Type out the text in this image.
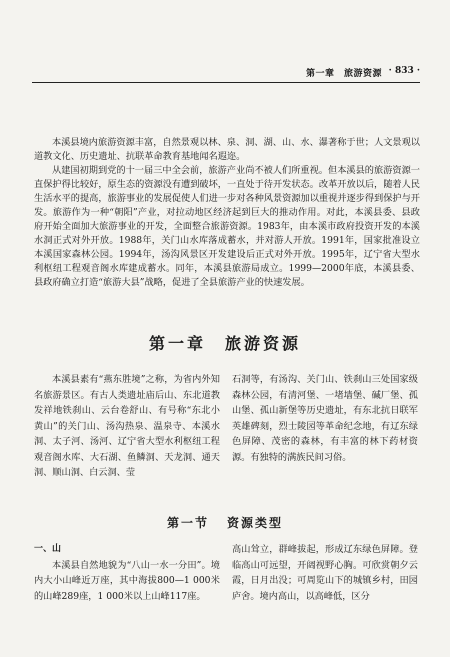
第一章　旅游资源 · 833 ·

本溪县境内旅游资源丰富，自然景观以林、泉、洞、湖、山、水、瀑著称于世；人文景观以道教文化、历史遗址、抗联革命教育基地闻名遐迩。

从建国初期到党的十一届三中全会前，旅游产业尚不被人们所重视。但本溪县的旅游资源一直保护得比较好，原生态的资源没有遭到破坏，一直处于待开发状态。改革开放以后，随着人民生活水平的提高，旅游事业的发展促使人们进一步对各种风景资源加以重视并逐步得到保护与开发。旅游作为一种“朝阳”产业，对拉动地区经济起到巨大的推动作用。对此，本溪县委、县政府开始全面加大旅游事业的开发，全面整合旅游资源。1983年，由本溪市政府投资开发的本溪水洞正式对外开放。1988年，关门山水库落成蓄水，并对游人开放。1991年，国家批准设立本溪国家森林公园。1994年，汤沟风景区开发建设后正式对外开放。1995年，辽宁省大型水利枢纽工程观音阁水库建成蓄水。同年，本溪县旅游局成立。1999—2000年底，本溪县委、县政府确立打造“旅游大县”战略，促进了全县旅游产业的快速发展。

第一章　旅游资源

本溪县素有“燕东胜境”之称，为省内外知名旅游景区。有古人类遗址庙后山、东北道教发祥地铁刹山、云台卷舒山、有号称“东北小黄山”的关门山、汤沟热泉、温泉寺、本溪水洞、太子河、汤河、辽宁省大型水利枢纽工程观音阁水库、大石湖、鱼鳞洞、天龙洞、通天洞、顺山洞、白云洞、莹

石洞等，有汤沟、关门山、铁刹山三处国家级森林公园，有清河堡、一堵墙堡、碱厂堡、孤山堡、孤山新堡等历史遗址，有东北抗日联军英雄碑刻，烈士陵园等革命纪念地，有辽东绿色屏障、茂密的森林，有丰富的林下药材资源。有独特的满族民间习俗。

第一节 资源类型

一、山

本溪县自然地貌为“八山一水一分田”。境内大小山峰近万座，其中海拔800—1 000米的山峰289座，1 000米以上山峰117座。

高山耸立，群峰拔起，形成辽东绿色屏障。登临高山可远望，开阔视野心胸。可欣赏朝夕云霞，日月出没；可周览山下的城镇乡村，田园庐舍。境内高山，以高峰低，区分
